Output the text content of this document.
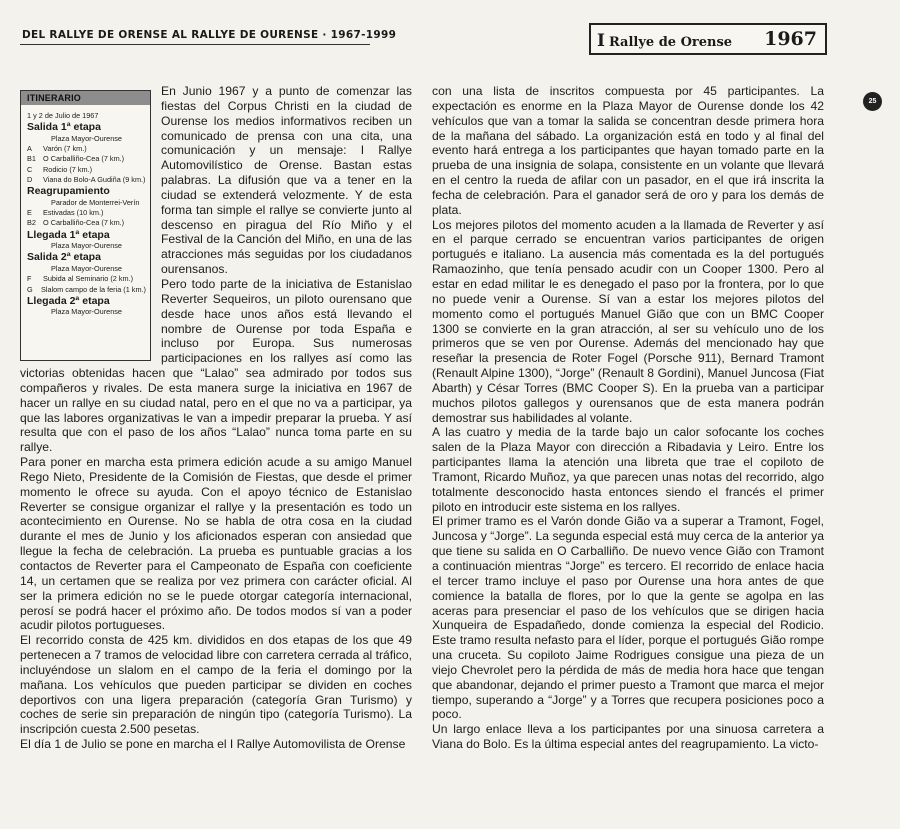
DEL RALLYE DE ORENSE AL RALLYE DE OURENSE · 1967-1999	I Rallye de Orense 1967
25
ITINERARIO
1 y 2 de Julio de 1967
Salida 1ª etapa
Plaza Mayor-Ourense
A	Varón (7 km.)
B1 O Carballiño-Cea (7 km.)
C	Rodicio (7 km.)
D	Viana do Bolo-A Gudiña (9 km.)
Reagrupamiento
Parador de Monterrei-Verín
E	Estivadas (10 km.)
B2 O Carballiño-Cea (7 km.)
Llegada 1ª etapa
Plaza Mayor-Ourense
Salida 2ª etapa
Plaza Mayor-Ourense
F	Subida al Seminario (2 km.)
G	Slalom campo de la feria (1 km.)
Llegada 2ª etapa
Plaza Mayor-Ourense

En Junio 1967 y a punto de comenzar las fiestas del Corpus Christi en la ciudad de Ourense los medios informativos reciben un comunicado de prensa con una cita, una comunicación y un mensaje: I Rallye Automovilístico de Orense. Bastan estas palabras. La difusión que va a tener en la ciudad se extenderá velozmente. Y de esta forma tan simple el rallye se convierte junto al descenso en piragua del Río Miño y el Festival de la Canción del Miño, en una de las atracciones más seguidas por los ciudadanos ourensanos.

Pero todo parte de la iniciativa de Estanislao Reverter Sequeiros, un piloto ourensano que desde hace unos años está llevando el nombre de Ourense por toda España e incluso por Europa. Sus numerosas participaciones en los rallyes así como las victorias obtenidas hacen que “Lalao” sea admirado por todos sus compañeros y rivales. De esta manera surge la iniciativa en 1967 de hacer un rallye en su ciudad natal, pero en el que no va a participar, ya que las labores organizativas le van a impedir preparar la prueba. Y así resulta que con el paso de los años “Lalao” nunca toma parte en su rallye.

Para poner en marcha esta primera edición acude a su amigo Manuel Rego Nieto, Presidente de la Comisión de Fiestas, que desde el primer momento le ofrece su ayuda. Con el apoyo técnico de Estanislao Reverter se consigue organizar el rallye y la presentación es todo un acontecimiento en Ourense. No se habla de otra cosa en la ciudad durante el mes de Junio y los aficionados esperan con ansiedad que llegue la fecha de celebración. La prueba es puntuable gracias a los contactos de Reverter para el Campeonato de España con coeficiente 14, un certamen que se realiza por vez primera con carácter oficial. Al ser la primera edición no se le puede otorgar categoría internacional, perosí se podrá hacer el próximo año. De todos modos sí van a poder acudir pilotos portugueses.

El recorrido consta de 425 km. divididos en dos etapas de los que 49 pertenecen a 7 tramos de velocidad libre con carretera cerrada al tráfico, incluyéndose un slalom en el campo de la feria el domingo por la mañana. Los vehículos que pueden participar se dividen en coches deportivos con una ligera preparación (categoría Gran Turismo) y coches de serie sin preparación de ningún tipo (categoría Turismo). La inscripción cuesta 2.500 pesetas.

El día 1 de Julio se pone en marcha el I Rallye Automovilista de Orense

con una lista de inscritos compuesta por 45 participantes. La expectación es enorme en la Plaza Mayor de Ourense donde los 42 vehículos que van a tomar la salida se concentran desde primera hora de la mañana del sábado. La organización está en todo y al final del evento hará entrega a los participantes que hayan tomado parte en la prueba de una insignia de solapa, consistente en un volante que llevará en el centro la rueda de afilar con un pasador, en el que irá inscrita la fecha de celebración. Para el ganador será de oro y para los demás de plata.

Los mejores pilotos del momento acuden a la llamada de Reverter y así en el parque cerrado se encuentran varios participantes de origen portugués e italiano. La ausencia más comentada es la del portugués Ramaozinho, que tenía pensado acudir con un Cooper 1300. Pero al estar en edad militar le es denegado el paso por la frontera, por lo que no puede venir a Ourense. Sí van a estar los mejores pilotos del momento como el portugués Manuel Gião que con un BMC Cooper 1300 se convierte en la gran atracción, al ser su vehículo uno de los primeros que se ven por Ourense. Además del mencionado hay que reseñar la presencia de Roter Fogel (Porsche 911), Bernard Tramont (Renault Alpine 1300), “Jorge” (Renault 8 Gordini), Manuel Juncosa (Fiat Abarth) y César Torres (BMC Cooper S). En la prueba van a participar muchos pilotos gallegos y ourensanos que de esta manera podrán demostrar sus habilidades al volante.

A las cuatro y media de la tarde bajo un calor sofocante los coches salen de la Plaza Mayor con dirección a Ribadavia y Leiro. Entre los participantes llama la atención una libreta que trae el copiloto de Tramont, Ricardo Muñoz, ya que parecen unas notas del recorrido, algo totalmente desconocido hasta entonces siendo el francés el primer piloto en introducir este sistema en los rallyes.

El primer tramo es el Varón donde Gião va a superar a Tramont, Fogel, Juncosa y “Jorge”. La segunda especial está muy cerca de la anterior ya que tiene su salida en O Carballiño. De nuevo vence Gião con Tramont a continuación mientras “Jorge” es tercero. El recorrido de enlace hacia el tercer tramo incluye el paso por Ourense una hora antes de que comience la batalla de flores, por lo que la gente se agolpa en las aceras para presenciar el paso de los vehículos que se dirigen hacia Xunqueira de Espadañedo, donde comienza la especial del Rodicio. Este tramo resulta nefasto para el líder, porque el portugués Gião rompe una cruceta. Su copiloto Jaime Rodrigues consigue una pieza de un viejo Chevrolet pero la pérdida de más de media hora hace que tengan que abandonar, dejando el primer puesto a Tramont que marca el mejor tiempo, superando a “Jorge” y a Torres que recupera posiciones poco a poco.

Un largo enlace lleva a los participantes por una sinuosa carretera a Viana do Bolo. Es la última especial antes del reagrupamiento. La victo-
